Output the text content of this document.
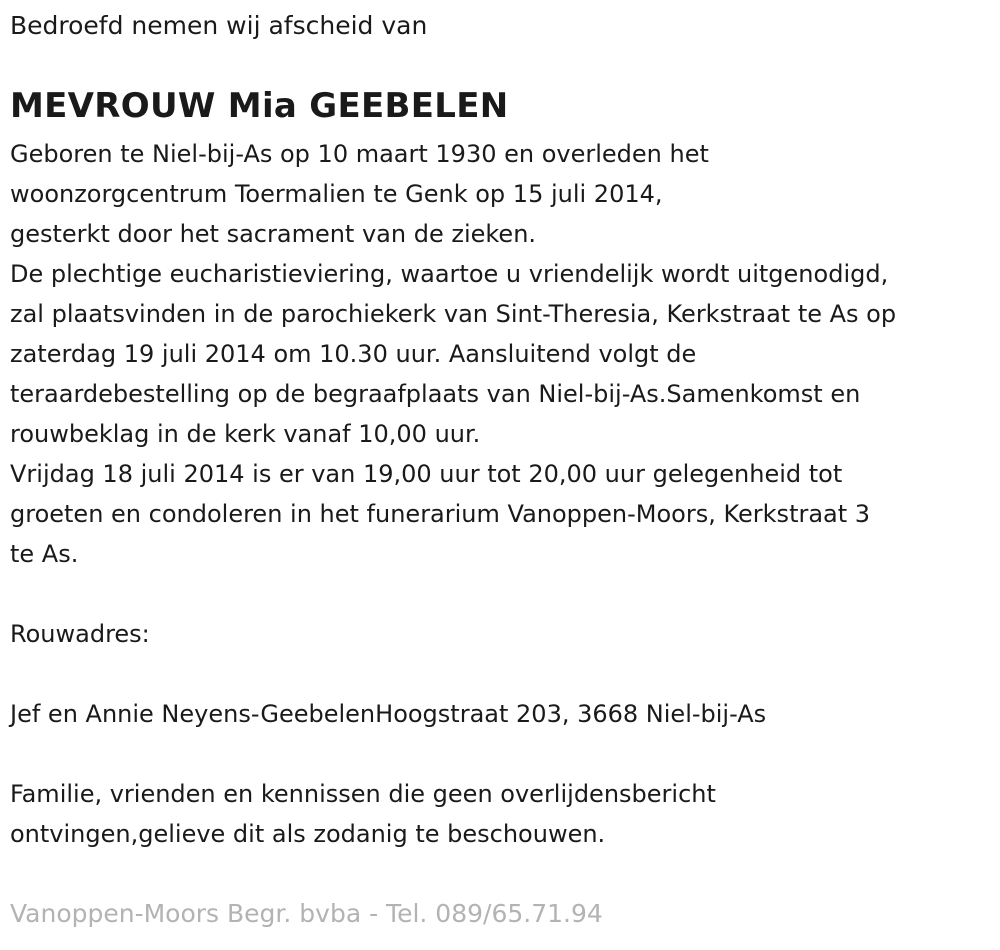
Bedroefd nemen wij afscheid van
MEVROUW Mia GEEBELEN
Geboren te Niel-bij-As op 10 maart 1930 en overleden het
woonzorgcentrum Toermalien te Genk op 15 juli 2014,
gesterkt door het sacrament van de zieken.
De plechtige eucharistieviering, waartoe u vriendelijk wordt uitgenodigd,
zal plaatsvinden in de parochiekerk van Sint-Theresia, Kerkstraat te As op
zaterdag 19 juli 2014 om 10.30 uur. Aansluitend volgt de
teraardebestelling op de begraafplaats van Niel-bij-As.Samenkomst en
rouwbeklag in de kerk vanaf 10,00 uur.
Vrijdag 18 juli 2014 is er van 19,00 uur tot 20,00 uur gelegenheid tot
groeten en condoleren in het funerarium Vanoppen-Moors, Kerkstraat 3
te As.
Rouwadres:
Jef en Annie Neyens-GeebelenHoogstraat 203, 3668 Niel-bij-As
Familie, vrienden en kennissen die geen overlijdensbericht
ontvingen,gelieve dit als zodanig te beschouwen.
Vanoppen-Moors Begr. bvba - Tel. 089/65.71.94
